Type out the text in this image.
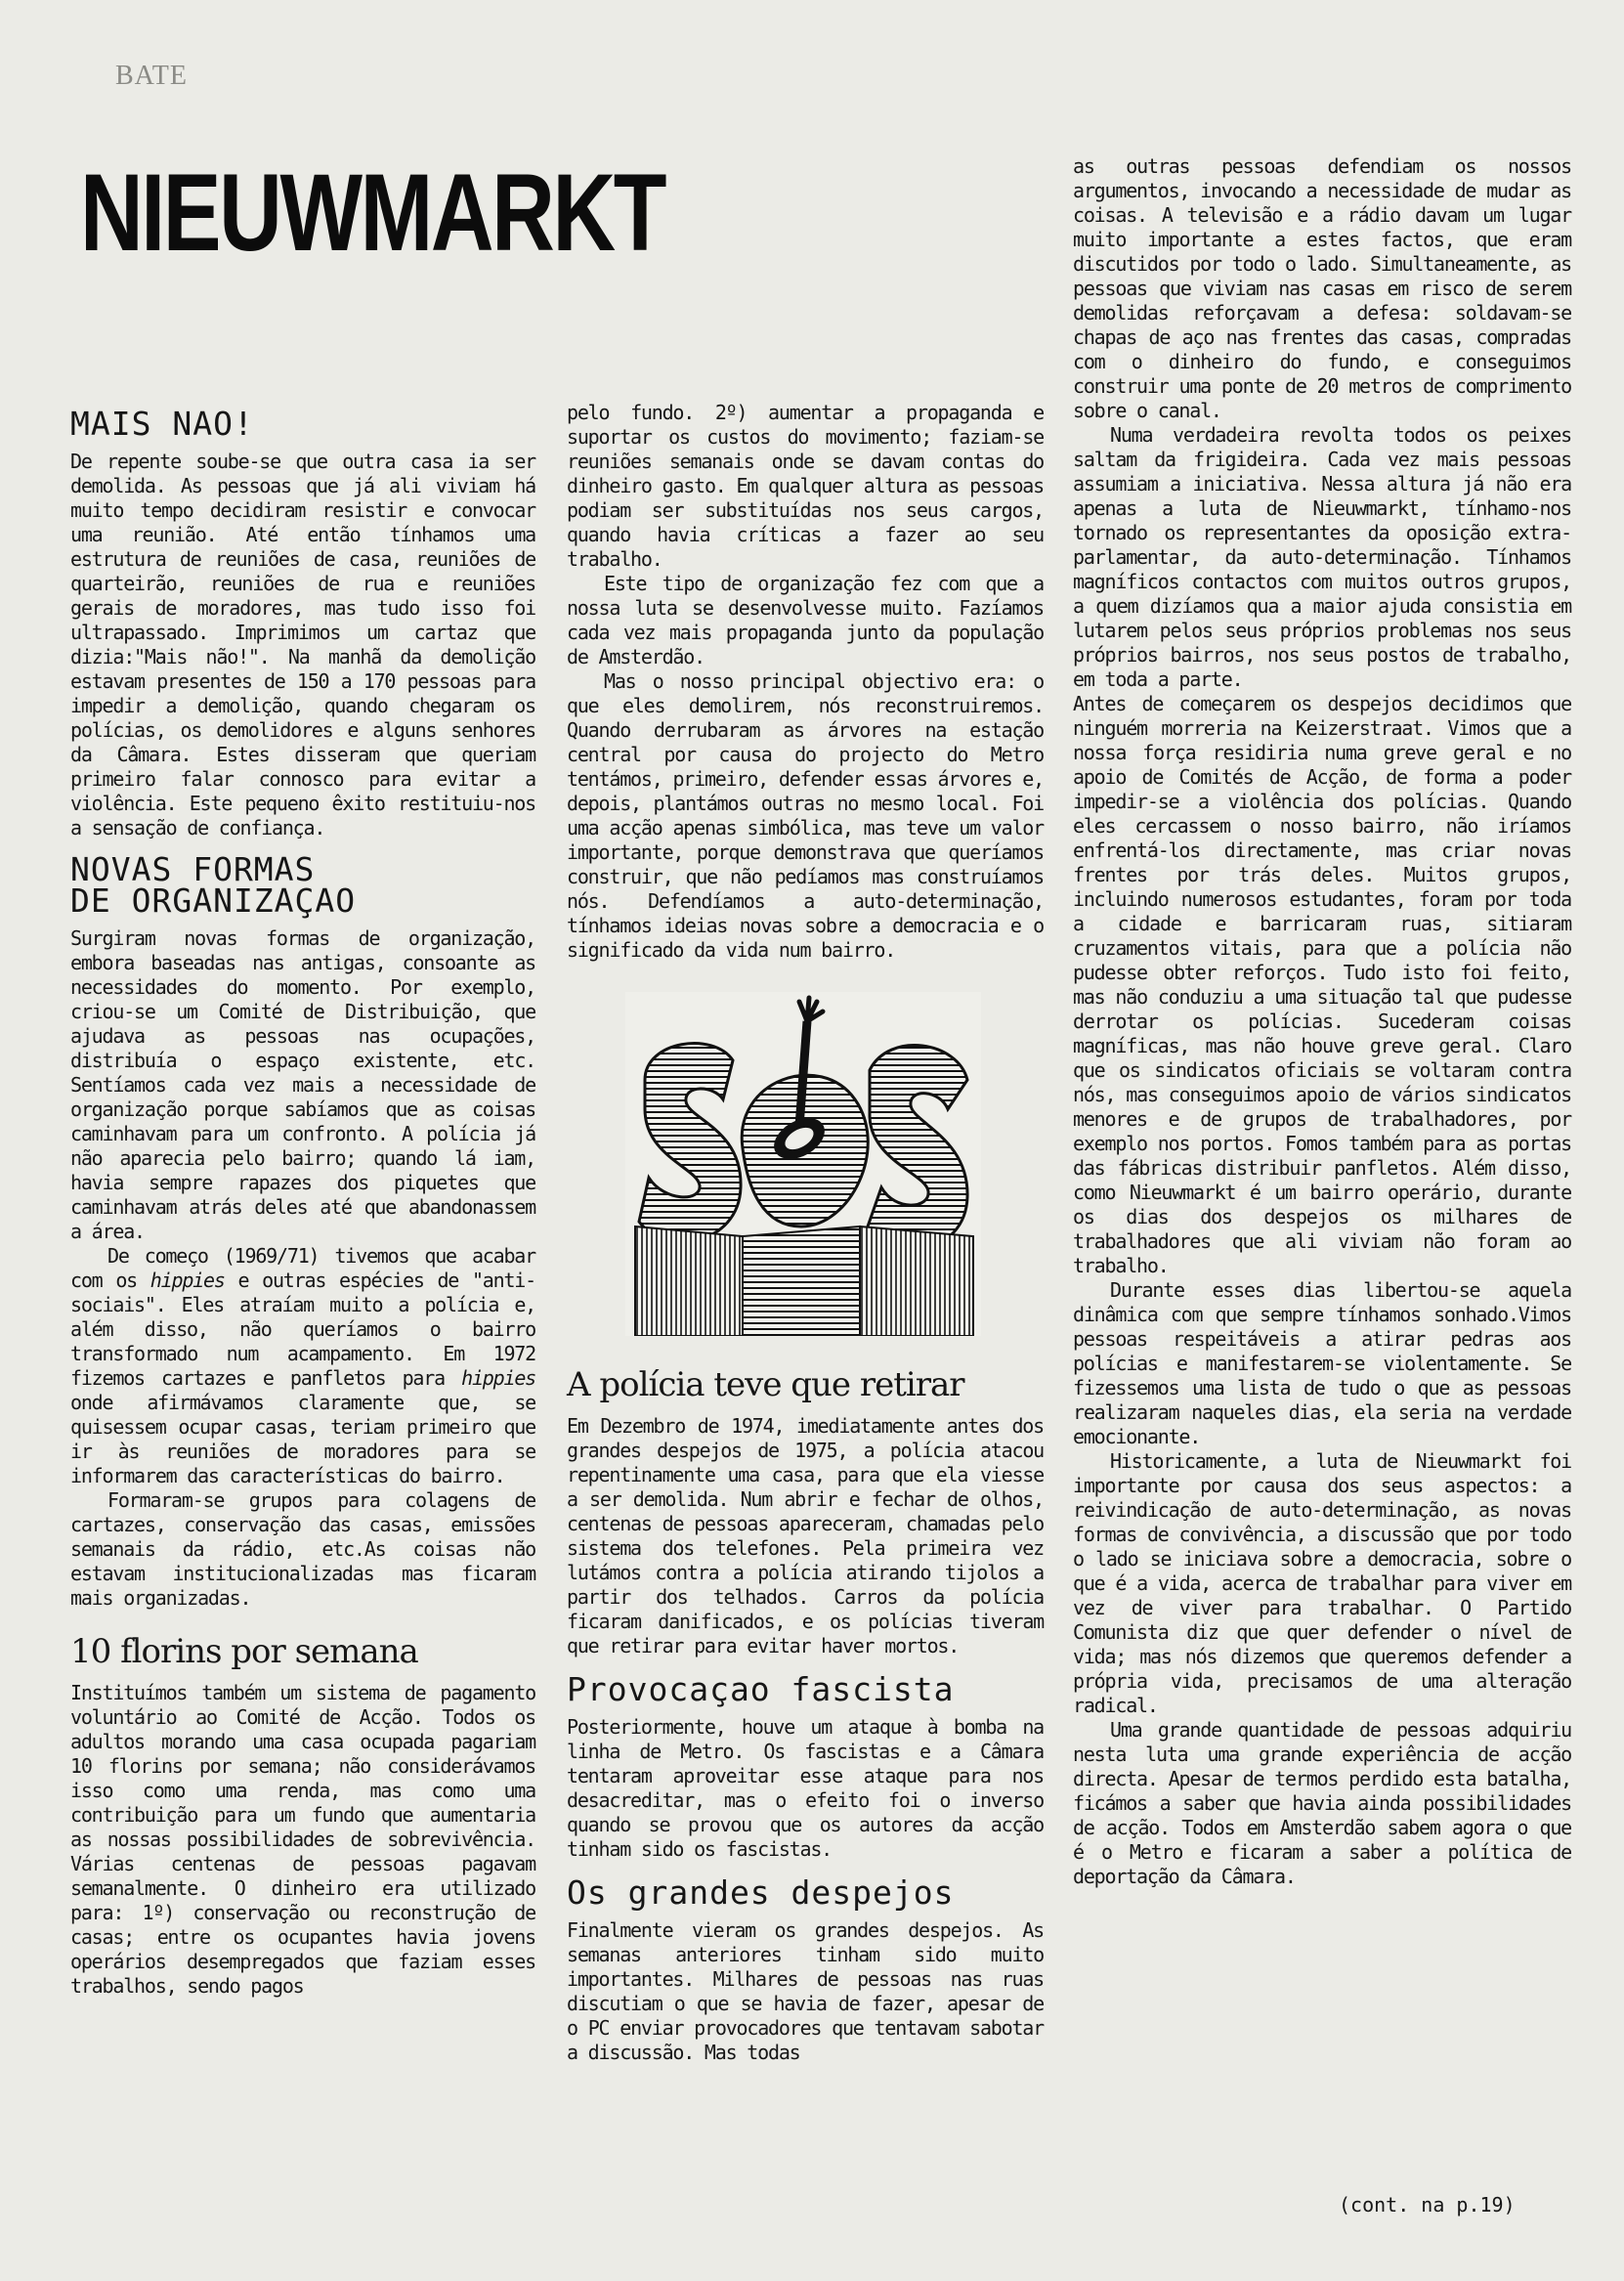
BATE
NIEUWMARKT
MAIS NAO!

De repente soube-se que outra casa ia ser demolida. As pessoas que já ali viviam há muito tempo decidiram resistir e convocar uma reunião. Até então tínhamos uma estrutura de reuniões de casa, reuniões de quarteirão, reuniões de rua e reuniões gerais de moradores, mas tudo isso foi ultrapassado. Imprimimos um cartaz que dizia:"Mais não!". Na manhã da demolição estavam presentes de 150 a 170 pessoas para impedir a demolição, quando chegaram os polícias, os demolidores e alguns senhores da Câmara. Estes disseram que queriam primeiro falar connosco para evitar a violência. Este pequeno êxito restituiu-nos a sensação de confiança.

NOVAS FORMAS
DE ORGANIZAÇAO

Surgiram novas formas de organização, embora baseadas nas antigas, consoante as necessidades do momento. Por exemplo, criou-se um Comité de Distribuição, que ajudava as pessoas nas ocupações, distribuía o espaço existente, etc. Sentíamos cada vez mais a necessidade de organização porque sabíamos que as coisas caminhavam para um confronto. A polícia já não aparecia pelo bairro; quando lá iam, havia sempre rapazes dos piquetes que caminhavam atrás deles até que abandonassem a área.

De começo (1969/71) tivemos que acabar com os hippies e outras espécies de "anti-sociais". Eles atraíam muito a polícia e, além disso, não queríamos o bairro transformado num acampamento. Em 1972 fizemos cartazes e panfletos para hippies onde afirmávamos claramente que, se quisessem ocupar casas, teriam primeiro que ir às reuniões de moradores para se informarem das características do bairro.

Formaram-se grupos para colagens de cartazes, conservação das casas, emissões semanais da rádio, etc.As coisas não estavam institucionalizadas mas ficaram mais organizadas.

10 florins por semana

Instituímos também um sistema de pagamento voluntário ao Comité de Acção. Todos os adultos morando uma casa ocupada pagariam 10 florins por semana; não considerávamos isso como uma renda, mas como uma contribuição para um fundo que aumentaria as nossas possibilidades de sobrevivência. Várias centenas de pessoas pagavam semanalmente. O dinheiro era utilizado para: 1º) conservação ou reconstrução de casas; entre os ocupantes havia jovens operários desempregados que faziam esses trabalhos, sendo pagos

pelo fundo. 2º) aumentar a propaganda e suportar os custos do movimento; faziam-se reuniões semanais onde se davam contas do dinheiro gasto. Em qualquer altura as pessoas podiam ser substituídas nos seus cargos, quando havia críticas a fazer ao seu trabalho.

Este tipo de organização fez com que a nossa luta se desenvolvesse muito. Fazíamos cada vez mais propaganda junto da população de Amsterdão.

Mas o nosso principal objectivo era: o que eles demolirem, nós reconstruiremos. Quando derrubaram as árvores na estação central por causa do projecto do Metro tentámos, primeiro, defender essas árvores e, depois, plantámos outras no mesmo local. Foi uma acção apenas simbólica, mas teve um valor importante, porque demonstrava que queríamos construir, que não pedíamos mas construíamos nós. Defendíamos a auto-determinação, tínhamos ideias novas sobre a democracia e o significado da vida num bairro.

A polícia teve que retirar

Em Dezembro de 1974, imediatamente antes dos grandes despejos de 1975, a polícia atacou repentinamente uma casa, para que ela viesse a ser demolida. Num abrir e fechar de olhos, centenas de pessoas apareceram, chamadas pelo sistema dos telefones. Pela primeira vez lutámos contra a polícia atirando tijolos a partir dos telhados. Carros da polícia ficaram danificados, e os polícias tiveram que retirar para evitar haver mortos.

Provocaçao fascista

Posteriormente, houve um ataque à bomba na linha de Metro. Os fascistas e a Câmara tentaram aproveitar esse ataque para nos desacreditar, mas o efeito foi o inverso quando se provou que os autores da acção tinham sido os fascistas.

Os grandes despejos

Finalmente vieram os grandes despejos. As semanas anteriores tinham sido muito importantes. Milhares de pessoas nas ruas discutiam o que se havia de fazer, apesar de o PC enviar provocadores que tentavam sabotar a discussão. Mas todas

as outras pessoas defendiam os nossos argumentos, invocando a necessidade de mudar as coisas. A televisão e a rádio davam um lugar muito importante a estes factos, que eram discutidos por todo o lado. Simultaneamente, as pessoas que viviam nas casas em risco de serem demolidas reforçavam a defesa: soldavam-se chapas de aço nas frentes das casas, compradas com o dinheiro do fundo, e conseguimos construir uma ponte de 20 metros de comprimento sobre o canal.

Numa verdadeira revolta todos os peixes saltam da frigideira. Cada vez mais pessoas assumiam a iniciativa. Nessa altura já não era apenas a luta de Nieuwmarkt, tínhamo-nos tornado os representantes da oposição extra-parlamentar, da auto-determinação. Tínhamos magníficos contactos com muitos outros grupos, a quem dizíamos qua a maior ajuda consistia em lutarem pelos seus próprios problemas nos seus próprios bairros, nos seus postos de trabalho, em toda a parte.

Antes de começarem os despejos decidimos que ninguém morreria na Keizerstraat. Vimos que a nossa força residiria numa greve geral e no apoio de Comités de Acção, de forma a poder impedir-se a violência dos polícias. Quando eles cercassem o nosso bairro, não iríamos enfrentá-los directamente, mas criar novas frentes por trás deles. Muitos grupos, incluindo numerosos estudantes, foram por toda a cidade e barricaram ruas, sitiaram cruzamentos vitais, para que a polícia não pudesse obter reforços. Tudo isto foi feito, mas não conduziu a uma situação tal que pudesse derrotar os polícias. Sucederam coisas magníficas, mas não houve greve geral. Claro que os sindicatos oficiais se voltaram contra nós, mas conseguimos apoio de vários sindicatos menores e de grupos de trabalhadores, por exemplo nos portos. Fomos também para as portas das fábricas distribuir panfletos. Além disso, como Nieuwmarkt é um bairro operário, durante os dias dos despejos os milhares de trabalhadores que ali viviam não foram ao trabalho.

Durante esses dias libertou-se aquela dinâmica com que sempre tínhamos sonhado.Vimos pessoas respeitáveis a atirar pedras aos polícias e manifestarem-se violentamente. Se fizessemos uma lista de tudo o que as pessoas realizaram naqueles dias, ela seria na verdade emocionante.

Historicamente, a luta de Nieuwmarkt foi importante por causa dos seus aspectos: a reivindicação de auto-determinação, as novas formas de convivência, a discussão que por todo o lado se iniciava sobre a democracia, sobre o que é a vida, acerca de trabalhar para viver em vez de viver para trabalhar. O Partido Comunista diz que quer defender o nível de vida; mas nós dizemos que queremos defender a própria vida, precisamos de uma alteração radical.

Uma grande quantidade de pessoas adquiriu nesta luta uma grande experiência de acção directa. Apesar de termos perdido esta batalha, ficámos a saber que havia ainda possibilidades de acção. Todos em Amsterdão sabem agora o que é o Metro e ficaram a saber a política de deportação da Câmara.

(cont. na p.19)
